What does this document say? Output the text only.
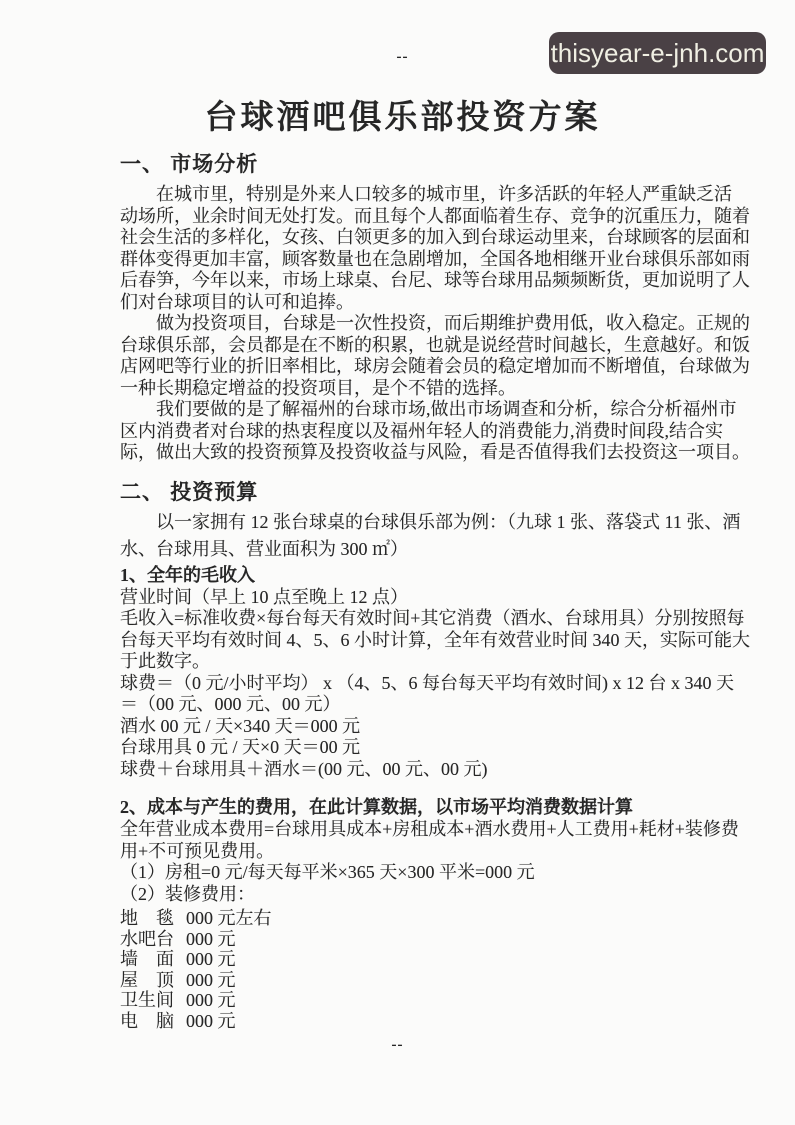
thisyear-e-jnh.com
--
台球酒吧俱乐部投资方案
一、 市场分析
在城市里，特别是外来人口较多的城市里，许多活跃的年轻人严重缺乏活
动场所，业余时间无处打发。而且每个人都面临着生存、竞争的沉重压力，随着
社会生活的多样化，女孩、白领更多的加入到台球运动里来，台球顾客的层面和
群体变得更加丰富，顾客数量也在急剧增加，全国各地相继开业台球俱乐部如雨
后春笋，今年以来，市场上球桌、台尼、球等台球用品频频断货，更加说明了人
们对台球项目的认可和追捧。
做为投资项目，台球是一次性投资，而后期维护费用低，收入稳定。正规的
台球俱乐部，会员都是在不断的积累，也就是说经营时间越长，生意越好。和饭
店网吧等行业的折旧率相比，球房会随着会员的稳定增加而不断增值，台球做为
一种长期稳定增益的投资项目，是个不错的选择。
我们要做的是了解福州的台球市场,做出市场调查和分析，综合分析福州市
区内消费者对台球的热衷程度以及福州年轻人的消费能力,消费时间段,结合实
际，做出大致的投资预算及投资收益与风险，看是否值得我们去投资这一项目。
二、 投资预算
以一家拥有 12 张台球桌的台球俱乐部为例：（九球 1 张、落袋式 11 张、酒
水、台球用具、营业面积为 300 ㎡）
1、全年的毛收入
营业时间（早上 10 点至晚上 12 点）
毛收入=标准收费×每台每天有效时间+其它消费（酒水、台球用具）分别按照每
台每天平均有效时间 4、5、6 小时计算，全年有效营业时间 340 天，实际可能大
于此数字。
球费＝（0 元/小时平均） x （4、5、6 每台每天平均有效时间) x 12 台 x 340 天
＝（00 元、000 元、00 元）
酒水 00 元 / 天×340 天＝000 元
台球用具 0 元 / 天×0 天＝00 元
球费＋台球用具＋酒水＝(00 元、00 元、00 元)
2、成本与产生的费用，在此计算数据，以市场平均消费数据计算
全年营业成本费用=台球用具成本+房租成本+酒水费用+人工费用+耗材+装修费
用+不可预见费用。
（1）房租=0 元/每天每平米×365 天×300 平米=000 元
（2）装修费用：
地　毯 000 元左右
水吧台 000 元
墙　面 000 元
屋　顶 000 元
卫生间 000 元
电　脑 000 元
--
